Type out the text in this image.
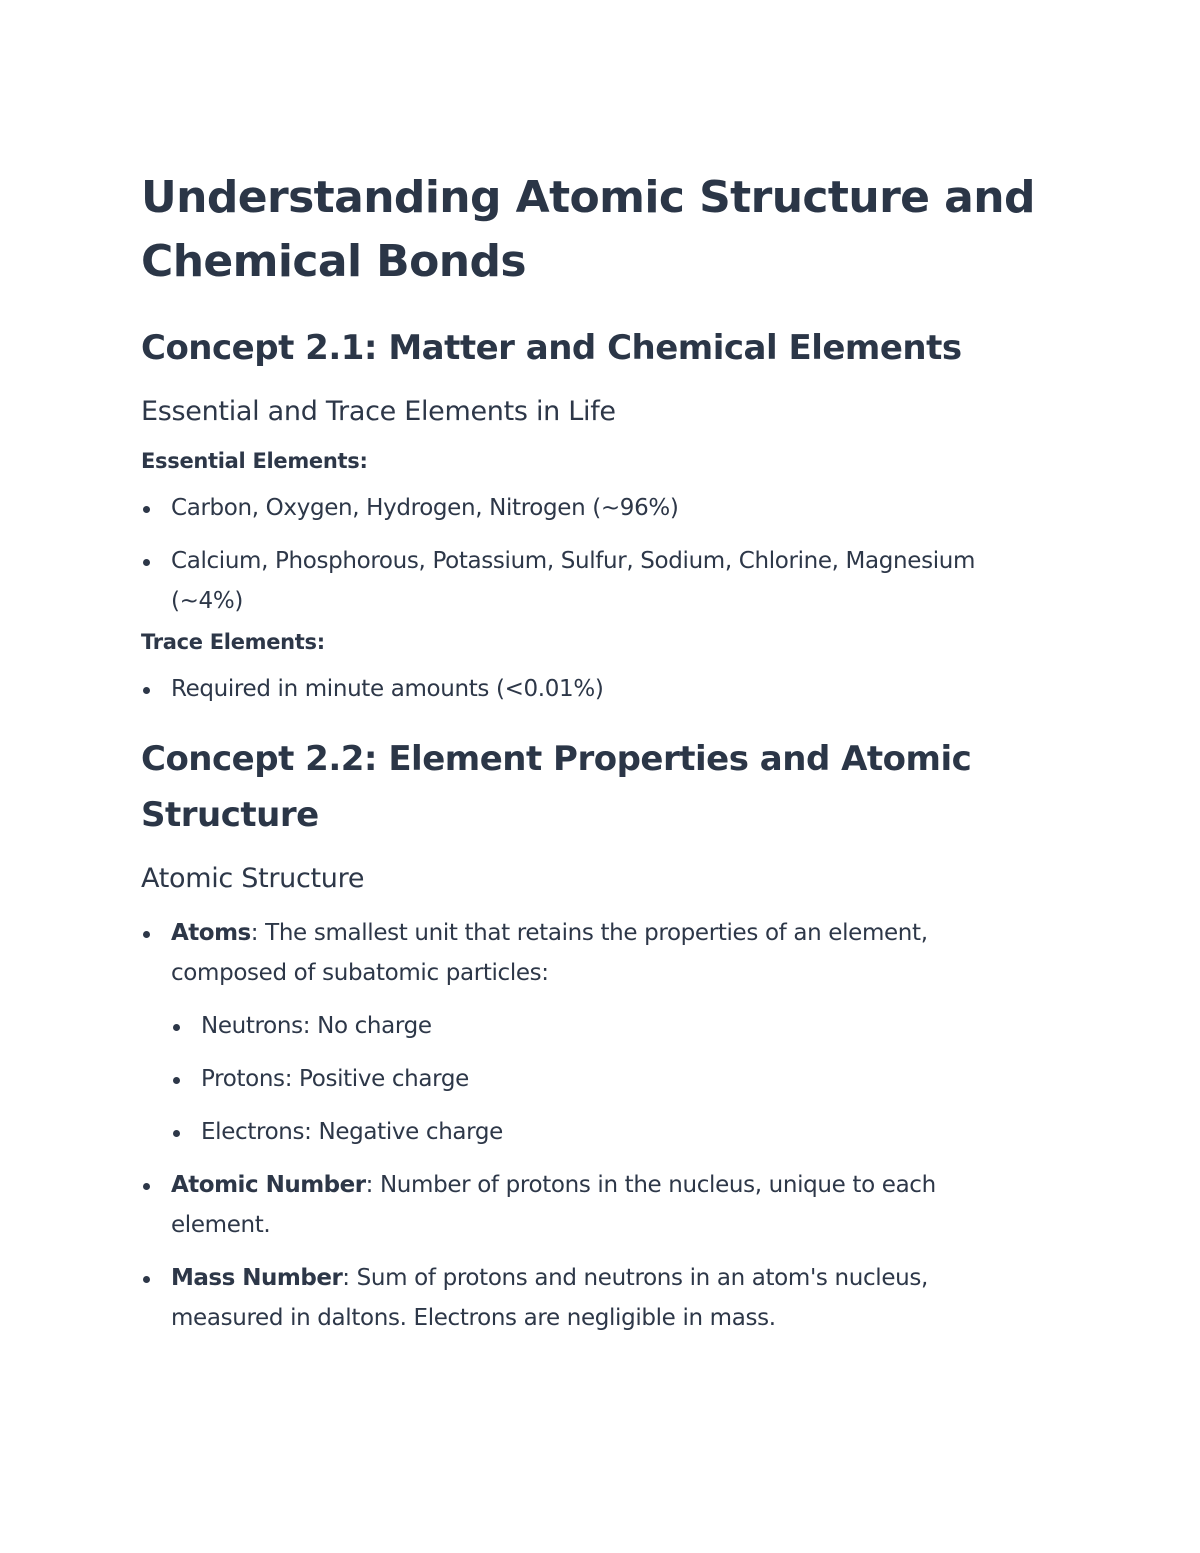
Understanding Atomic Structure and Chemical Bonds
Concept 2.1: Matter and Chemical Elements
Essential and Trace Elements in Life

Essential Elements:

Carbon, Oxygen, Hydrogen, Nitrogen (~96%)
Calcium, Phosphorous, Potassium, Sulfur, Sodium, Chlorine, Magnesium (~4%)

Trace Elements:

Required in minute amounts (<0.01%)
Concept 2.2: Element Properties and Atomic Structure
Atomic Structure
Atoms: The smallest unit that retains the properties of an element, composed of subatomic particles:
Neutrons: No charge
Protons: Positive charge
Electrons: Negative charge
Atomic Number: Number of protons in the nucleus, unique to each element.
Mass Number: Sum of protons and neutrons in an atom's nucleus, measured in daltons. Electrons are negligible in mass.
